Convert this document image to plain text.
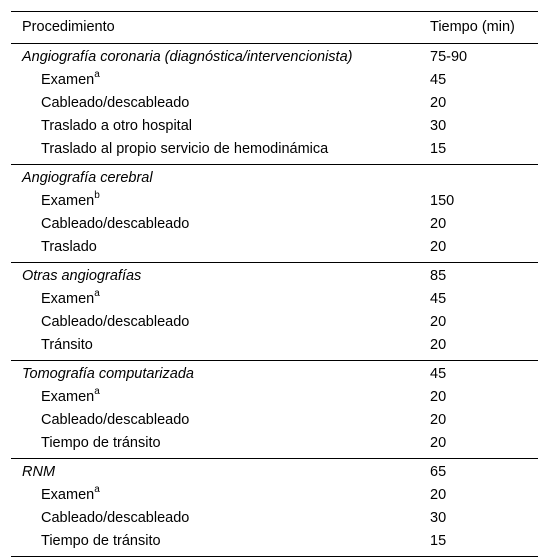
Procedimiento	Tiempo (min)
Angiografía coronaria (diagnóstica/intervencionista)	75-90
Examen$^a$	45
Cableado/descableado	20
Traslado a otro hospital	30
Traslado al propio servicio de hemodinámica	15
Angiografía cerebral
Examen$^b$	150
Cableado/descableado	20
Traslado	20
Otras angiografías	85
Examen$^a$	45
Cableado/descableado	20
Tránsito	20
Tomografía computarizada	45
Examen$^a$	20
Cableado/descableado	20
Tiempo de tránsito	20
RNM	65
Examen$^a$	20
Cableado/descableado	30
Tiempo de tránsito	15
